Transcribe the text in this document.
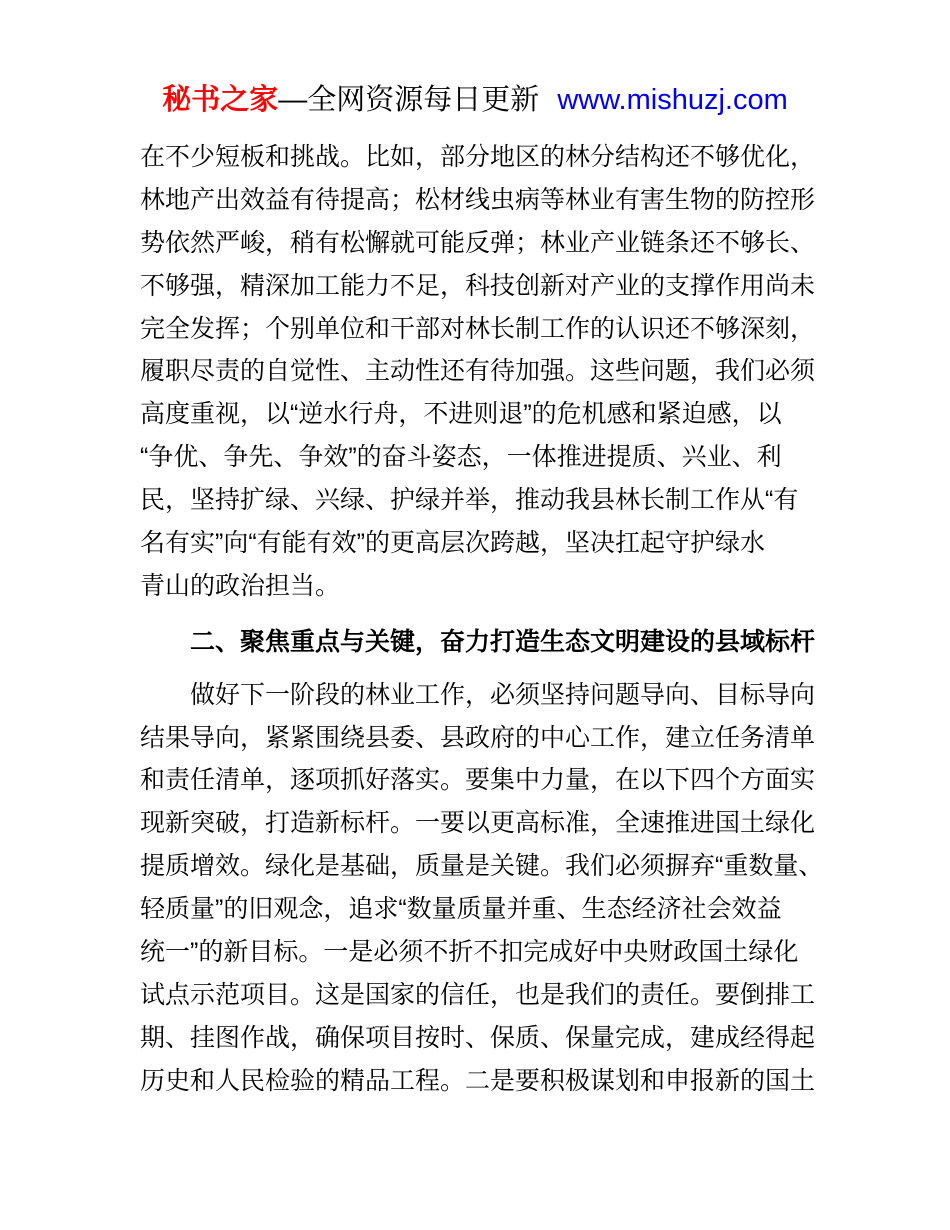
秘书之家—全网资源每日更新 www.mishuzj.com
在不少短板和挑战。比如，部分地区的林分结构还不够优化，
林地产出效益有待提高；松材线虫病等林业有害生物的防控形
势依然严峻，稍有松懈就可能反弹；林业产业链条还不够长、
不够强，精深加工能力不足，科技创新对产业的支撑作用尚未
完全发挥；个别单位和干部对林长制工作的认识还不够深刻，
履职尽责的自觉性、主动性还有待加强。这些问题，我们必须
高度重视，以“逆水行舟，不进则退”的危机感和紧迫感，以
“争优、争先、争效”的奋斗姿态，一体推进提质、兴业、利
民，坚持扩绿、兴绿、护绿并举，推动我县林长制工作从“有
名有实”向“有能有效”的更高层次跨越，坚决扛起守护绿水
青山的政治担当。
二、聚焦重点与关键，奋力打造生态文明建设的县域标杆
做好下一阶段的林业工作，必须坚持问题导向、目标导向
结果导向，紧紧围绕县委、县政府的中心工作，建立任务清单
和责任清单，逐项抓好落实。要集中力量，在以下四个方面实
现新突破，打造新标杆。一要以更高标准，全速推进国土绿化
提质增效。绿化是基础，质量是关键。我们必须摒弃“重数量、
轻质量”的旧观念，追求“数量质量并重、生态经济社会效益
统一”的新目标。一是必须不折不扣完成好中央财政国土绿化
试点示范项目。这是国家的信任，也是我们的责任。要倒排工
期、挂图作战，确保项目按时、保质、保量完成，建成经得起
历史和人民检验的精品工程。二是要积极谋划和申报新的国土
